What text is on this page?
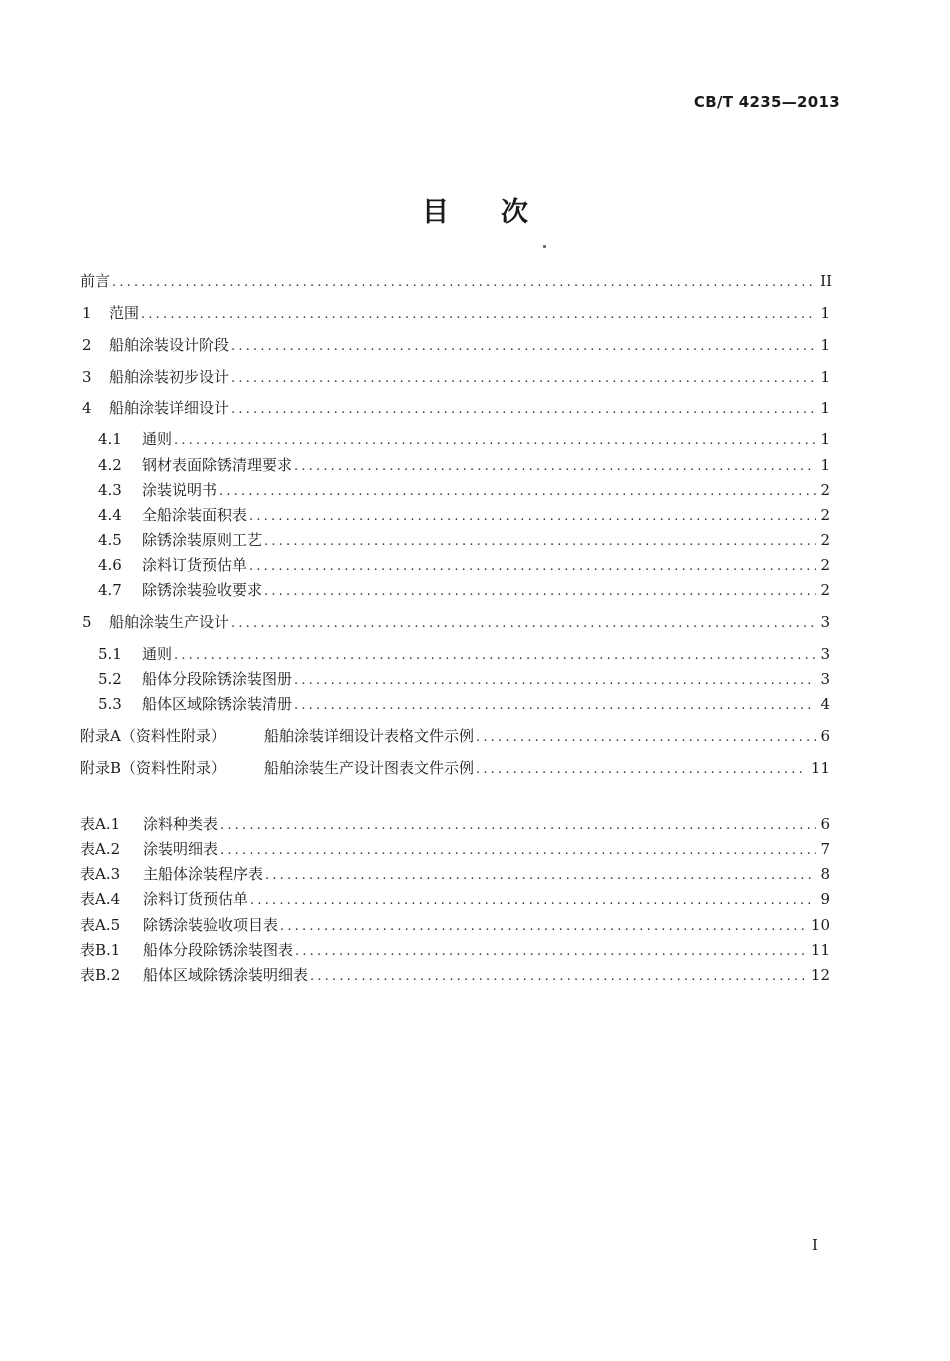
CB/T 4235—2013
目 次
前言 .....	II
1	范围 .....	1
2	船舶涂装设计阶段 .....	1
3	船舶涂装初步设计 .....	1
4	船舶涂装详细设计 .....	1
4.1	通则 .....	1
4.2	钢材表面除锈清理要求 .....	1
4.3	涂装说明书 .....	2
4.4	全船涂装面积表 .....	2
4.5	除锈涂装原则工艺 .....	2
4.6	涂料订货预估单 .....	2
4.7	除锈涂装验收要求 .....	2
5	船舶涂装生产设计 .....	3
5.1	通则 .....	3
5.2	船体分段除锈涂装图册 .....	3
5.3	船体区域除锈涂装清册 .....	4
附录A（资料性附录）	船舶涂装详细设计表格文件示例 .....	6
附录B（资料性附录）	船舶涂装生产设计图表文件示例 .....	11
表A.1	涂料种类表 .....	6
表A.2	涂装明细表 .....	7
表A.3	主船体涂装程序表 .....	8
表A.4	涂料订货预估单 .....	9
表A.5	除锈涂装验收项目表 .....	10
表B.1	船体分段除锈涂装图表 .....	11
表B.2	船体区域除锈涂装明细表 .....	12
I
